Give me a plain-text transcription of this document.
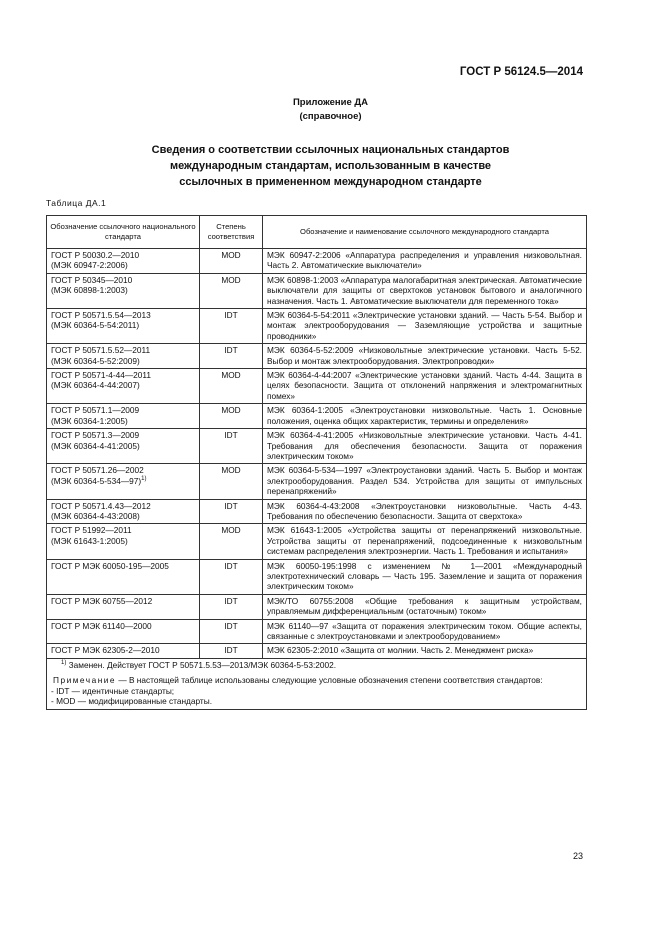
ГОСТ Р 56124.5—2014
Приложение ДА
(справочное)
Сведения о соответствии ссылочных национальных стандартов
международным стандартам, использованным в качестве
ссылочных в примененном международном стандарте
Таблица ДА.1
Обозначение ссылочного национального стандарта	Степень соответствия	Обозначение и наименование ссылочного международного стандарта

ГОСТ Р 50030.2—2010
(МЭК 60947-2:2006)	MOD	МЭК 60947-2:2006 «Аппаратура распределения и управления низковольтная. Часть 2. Автоматические выключатели»

ГОСТ Р 50345—2010
(МЭК 60898-1:2003)	MOD	МЭК 60898-1:2003 «Аппаратура малогабаритная электрическая. Автоматические выключатели для защиты от сверхтоков установок бытового и аналогичного назначения. Часть 1. Автоматические выключатели для переменного тока»

ГОСТ Р 50571.5.54—2013
(МЭК 60364-5-54:2011)	IDT	МЭК 60364-5-54:2011 «Электрические установки зданий. — Часть 5-54. Выбор и монтаж электрооборудования — Заземляющие устройства и защитные проводники»

ГОСТ Р 50571.5.52—2011
(МЭК 60364-5-52:2009)	IDT	МЭК 60364-5-52:2009 «Низковольтные электрические установки. Часть 5-52. Выбор и монтаж электрооборудования. Электропроводки»

ГОСТ Р 50571-4-44—2011
(МЭК 60364-4-44:2007)	MOD	МЭК 60364-4-44:2007 «Электрические установки зданий. Часть 4-44. Защита в целях безопасности. Защита от отклонений напряжения и электромагнитных помех»

ГОСТ Р 50571.1—2009
(МЭК 60364-1:2005)	MOD	МЭК 60364-1:2005 «Электроустановки низковольтные. Часть 1. Основные положения, оценка общих характеристик, термины и определения»

ГОСТ Р 50571.3—2009
(МЭК 60364-4-41:2005)	IDT	МЭК 60364-4-41:2005 «Низковольтные электрические установки. Часть 4-41. Требования для обеспечения безопасности. Защита от поражения электрическим током»

ГОСТ Р 50571.26—2002
(МЭК 60364-5-534—97)$^{1)}$	MOD	МЭК 60364-5-534—1997 «Электроустановки зданий. Часть 5. Выбор и монтаж электрооборудования. Раздел 534. Устройства для защиты от импульсных перенапряжений»

ГОСТ Р 50571.4.43—2012
(МЭК 60364-4-43:2008)	IDT	МЭК 60364-4-43:2008 «Электроустановки низковольтные. Часть 4-43. Требования по обеспечению безопасности. Защита от сверхтока»

ГОСТ Р 51992—2011
(МЭК 61643-1:2005)	MOD	МЭК 61643-1:2005 «Устройства защиты от перенапряжений низковольтные. Устройства защиты от перенапряжений, подсоединенные к низковольтным системам распределения электроэнергии. Часть 1. Требования и испытания»

ГОСТ Р МЭК 60050-195—2005	IDT	МЭК 60050-195:1998 с изменением № 1—2001 «Международный электротехнический словарь — Часть 195. Заземление и защита от поражения электрическим током»

ГОСТ Р МЭК 60755—2012	IDT	МЭК/ТО 60755:2008 «Общие требования к защитным устройствам, управляемым дифференциальным (остаточным) током»

ГОСТ Р МЭК 61140—2000	IDT	МЭК 61140—97 «Защита от поражения электрическим током. Общие аспекты, связанные с электроустановками и электрооборудованием»

ГОСТ Р МЭК 62305-2—2010	IDT	МЭК 62305-2:2010 «Защита от молнии. Часть 2. Менеджмент риска»

$^{1)}$ Заменен. Действует ГОСТ Р 50571.5.53—2013/МЭК 60364-5-53:2002.
Примечание — В настоящей таблице использованы следующие условные обозначения степени соответствия стандартов:
- IDT — идентичные стандарты;
- MOD — модифицированные стандарты.		
23
